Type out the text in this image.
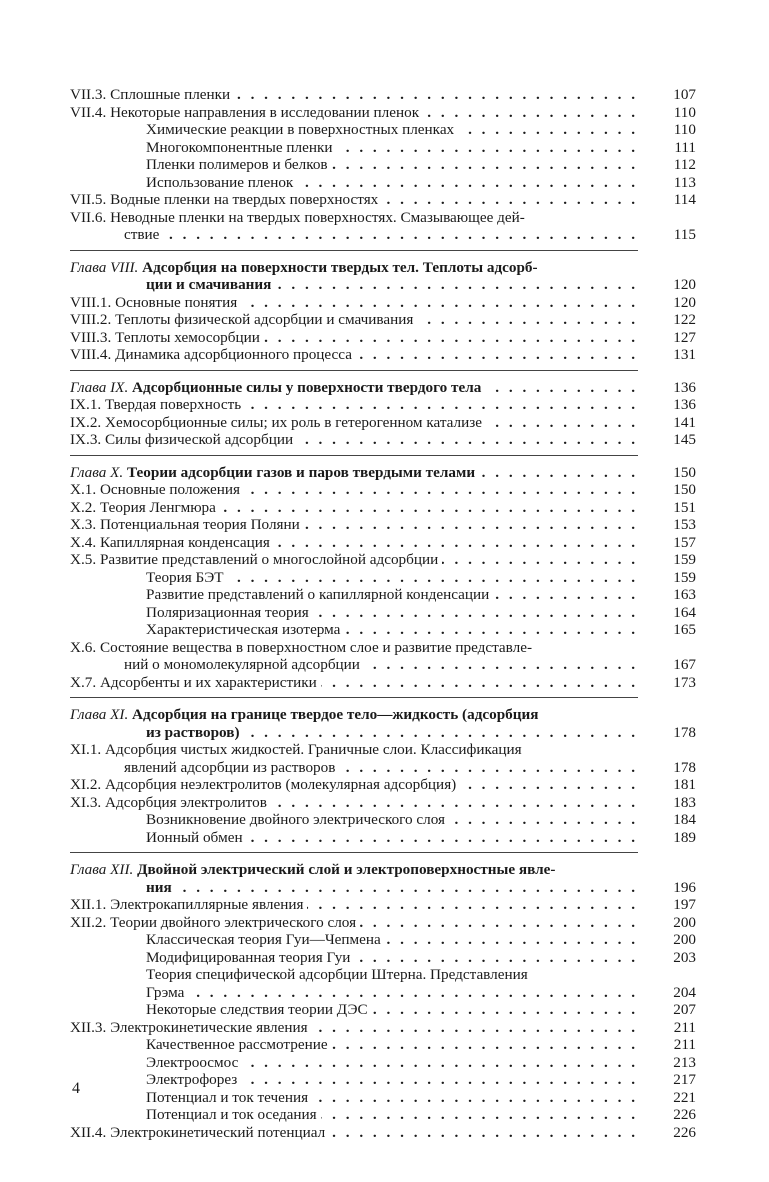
VII.3. Сплошные пленки . . .	107
VII.4. Некоторые направления в исследовании пленок . . .	110
Химические реакции в поверхностных пленках . . .	110
Многокомпонентные пленки . . .	111
Пленки полимеров и белков . . .	112
Использование пленок . . .	113
VII.5. Водные пленки на твердых поверхностях . . .	114
VII.6. Неводные пленки на твердых поверхностях. Смазывающее дей-
ствие . . .	115
Глава VIII. Адсорбция на поверхности твердых тел. Теплоты адсорб-
ции и смачивания . . .	120
VIII.1. Основные понятия . . .	120
VIII.2. Теплоты физической адсорбции и смачивания . . .	122
VIII.3. Теплоты хемосорбции . . .	127
VIII.4. Динамика адсорбционного процесса . . .	131
Глава IX. Адсорбционные силы у поверхности твердого тела . . .	136
IX.1. Твердая поверхность . . .	136
IX.2. Хемосорбционные силы; их роль в гетерогенном катализе . . .	141
IX.3. Силы физической адсорбции . . .	145
Глава X. Теории адсорбции газов и паров твердыми телами . . .	150
X.1. Основные положения . . .	150
X.2. Теория Ленгмюра . . .	151
X.3. Потенциальная теория Поляни . . .	153
X.4. Капиллярная конденсация . . .	157
X.5. Развитие представлений о многослойной адсорбции . . .	159
Теория БЭТ . . .	159
Развитие представлений о капиллярной конденсации . . .	163
Поляризационная теория . . .	164
Характеристическая изотерма . . .	165
X.6. Состояние вещества в поверхностном слое и развитие представле-
ний о мономолекулярной адсорбции . . .	167
X.7. Адсорбенты и их характеристики . . .	173
Глава XI. Адсорбция на границе твердое тело—жидкость (адсорбция
из растворов) . . .	178
XI.1. Адсорбция чистых жидкостей. Граничные слои. Классификация
явлений адсорбции из растворов . . .	178
XI.2. Адсорбция неэлектролитов (молекулярная адсорбция) . . .	181
XI.3. Адсорбция электролитов . . .	183
Возникновение двойного электрического слоя . . .	184
Ионный обмен . . .	189
Глава XII. Двойной электрический слой и электроповерхностные явле-
ния . . .	196
XII.1. Электрокапиллярные явления . . .	197
XII.2. Теории двойного электрического слоя . . .	200
Классическая теория Гуи—Чепмена . . .	200
Модифицированная теория Гуи . . .	203
Теория специфической адсорбции Штерна. Представления
Грэма . . .	204
Некоторые следствия теории ДЭС . . .	207
XII.3. Электрокинетические явления . . .	211
Качественное рассмотрение . . .	211
Электроосмос . . .	213
Электрофорез . . .	217
Потенциал и ток течения . . .	221
Потенциал и ток оседания . . .	226
XII.4. Электрокинетический потенциал . . .	226
4
